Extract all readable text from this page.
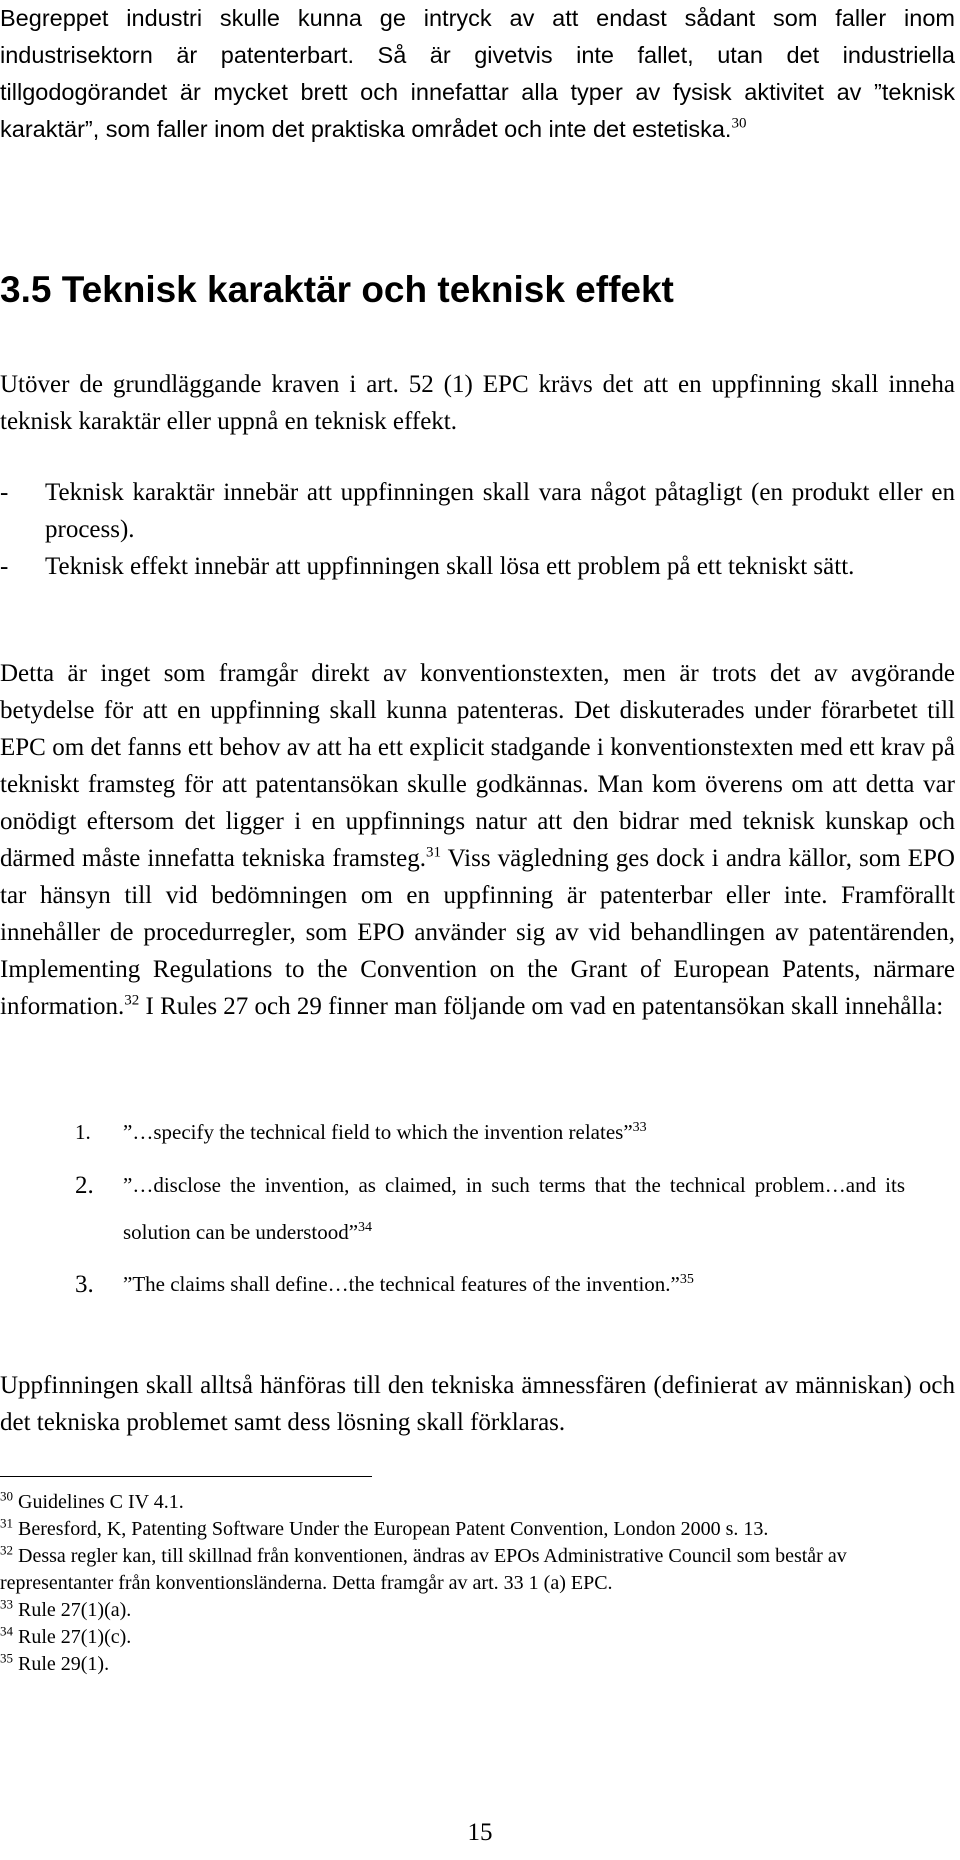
Begreppet industri skulle kunna ge intryck av att endast sådant som faller inom industrisektorn är patenterbart. Så är givetvis inte fallet, utan det industriella tillgodogörandet är mycket brett och innefattar alla typer av fysisk aktivitet av ”teknisk karaktär”, som faller inom det praktiska området och inte det estetiska.$^{30}$

3.5 Teknisk karaktär och teknisk effekt

Utöver de grundläggande kraven i art. 52 (1) EPC krävs det att en uppfinning skall inneha teknisk karaktär eller uppnå en teknisk effekt.

-	Teknisk karaktär innebär att uppfinningen skall vara något påtagligt (en produkt eller en process).
-	Teknisk effekt innebär att uppfinningen skall lösa ett problem på ett tekniskt sätt.

Detta är inget som framgår direkt av konventionstexten, men är trots det av avgörande betydelse för att en uppfinning skall kunna patenteras. Det diskuterades under förarbetet till EPC om det fanns ett behov av att ha ett explicit stadgande i konventionstexten med ett krav på tekniskt framsteg för att patentansökan skulle godkännas. Man kom överens om att detta var onödigt eftersom det ligger i en uppfinnings natur att den bidrar med teknisk kunskap och därmed måste innefatta tekniska framsteg.$^{31}$ Viss vägledning ges dock i andra källor, som EPO tar hänsyn till vid bedömningen om en uppfinning är patenterbar eller inte. Framförallt innehåller de procedurregler, som EPO använder sig av vid behandlingen av patentärenden, Implementing Regulations to the Convention on the Grant of European Patents, närmare information.$^{32}$ I Rules 27 och 29 finner man följande om vad en patentansökan skall innehålla:

1.	”…specify the technical field to which the invention relates”$^{33}$
2.	”…disclose the invention, as claimed, in such terms that the technical problem…and its solution can be understood”$^{34}$
3.	”The claims shall define…the technical features of the invention.”$^{35}$

Uppfinningen skall alltså hänföras till den tekniska ämnessfären (definierat av människan) och det tekniska problemet samt dess lösning skall förklaras.

$^{30}$ Guidelines C IV 4.1.

$^{31}$ Beresford, K, Patenting Software Under the European Patent Convention, London 2000 s. 13.

$^{32}$ Dessa regler kan, till skillnad från konventionen, ändras av EPOs Administrative Council som består av representanter från konventionsländerna. Detta framgår av art. 33 1 (a) EPC.

$^{33}$ Rule 27(1)(a).

$^{34}$ Rule 27(1)(c).

$^{35}$ Rule 29(1).

15
